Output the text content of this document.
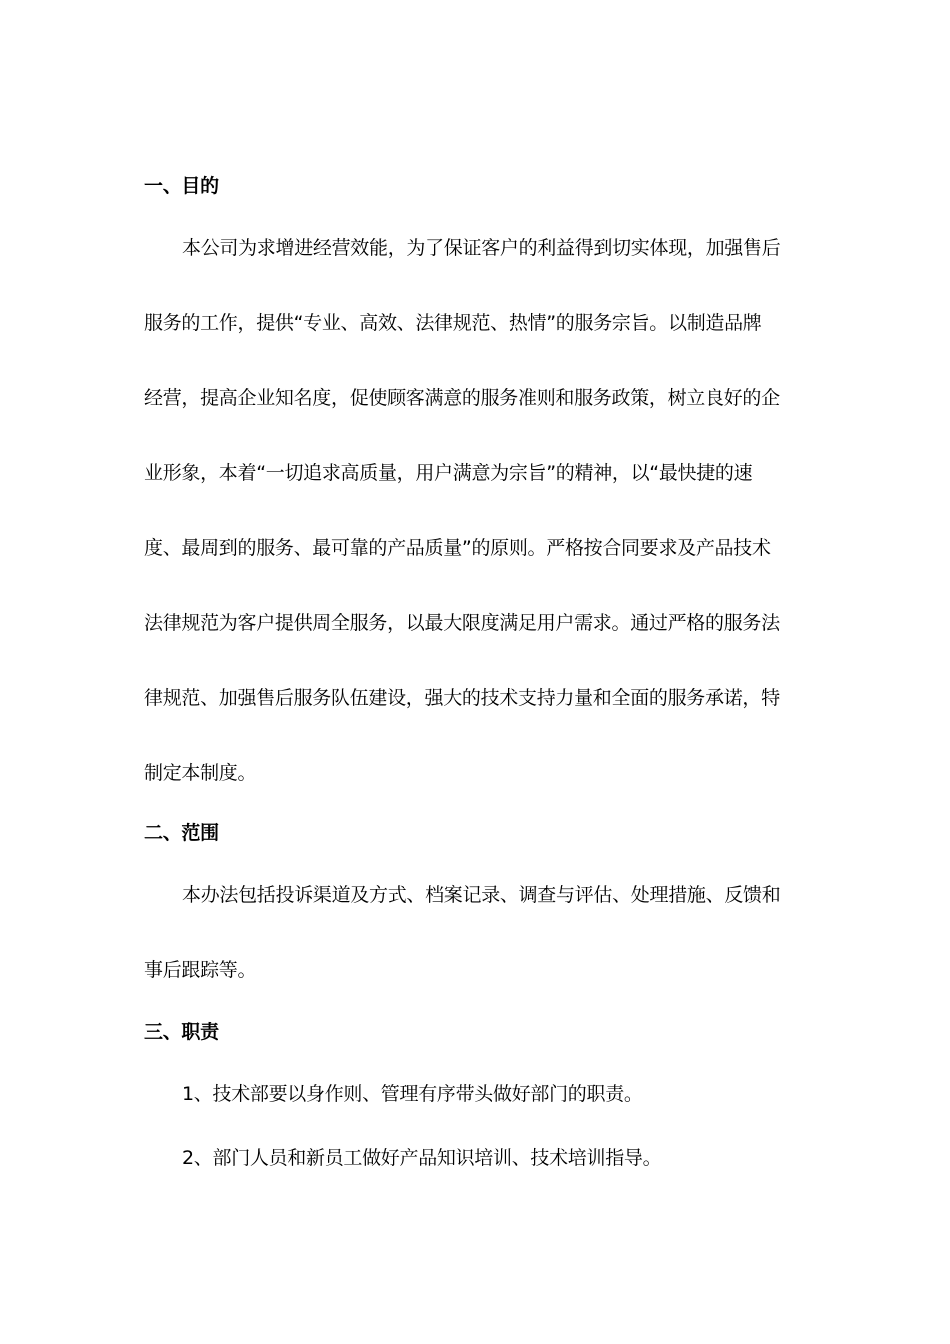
一、目的
本公司为求增进经营效能，为了保证客户的利益得到切实体现，加强售后
服务的工作，提供“专业、高效、法律规范、热情”的服务宗旨。以制造品牌
经营，提高企业知名度，促使顾客满意的服务准则和服务政策，树立良好的企
业形象，本着“一切追求高质量，用户满意为宗旨”的精神，以“最快捷的速
度、最周到的服务、最可靠的产品质量”的原则。严格按合同要求及产品技术
法律规范为客户提供周全服务，以最大限度满足用户需求。通过严格的服务法
律规范、加强售后服务队伍建设，强大的技术支持力量和全面的服务承诺，特
制定本制度。
二、范围
本办法包括投诉渠道及方式、档案记录、调查与评估、处理措施、反馈和
事后跟踪等。
三、职责

1、技术部要以身作则、管理有序带头做好部门的职责。

2、部门人员和新员工做好产品知识培训、技术培训指导。
